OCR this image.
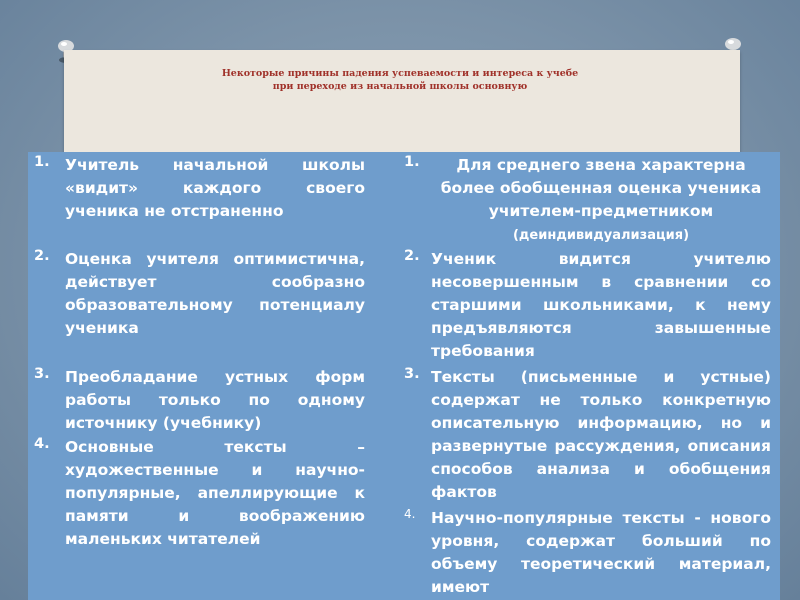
Некоторые причины падения успеваемости и интереса к учебе
при переходе из начальной школы основную
1. Учитель начальной школы «видит» каждого своего ученика не отстраненно
2. Оценка учителя оптимистична, действует сообразно образовательному потенциалу ученика
3. Преобладание устных форм работы только по одному источнику (учебнику)
4. Основные тексты – художественные и научно-популярные, апеллирующие к памяти и воображению маленьких читателей
1.	Для среднего звена характерна более обобщенная оценка ученика учителем-предметником
(деиндивидуализация)
2. Ученик видится учителю несовершенным в сравнении со старшими школьниками, к нему предъявляются завышенные требования
3. Тексты (письменные и устные) содержат не только конкретную описательную информацию, но и развернутые рассуждения, описания способов анализа и обобщения фактов
4. Научно-популярные тексты - нового уровня, содержат больший по объему теоретический материал, имеют
